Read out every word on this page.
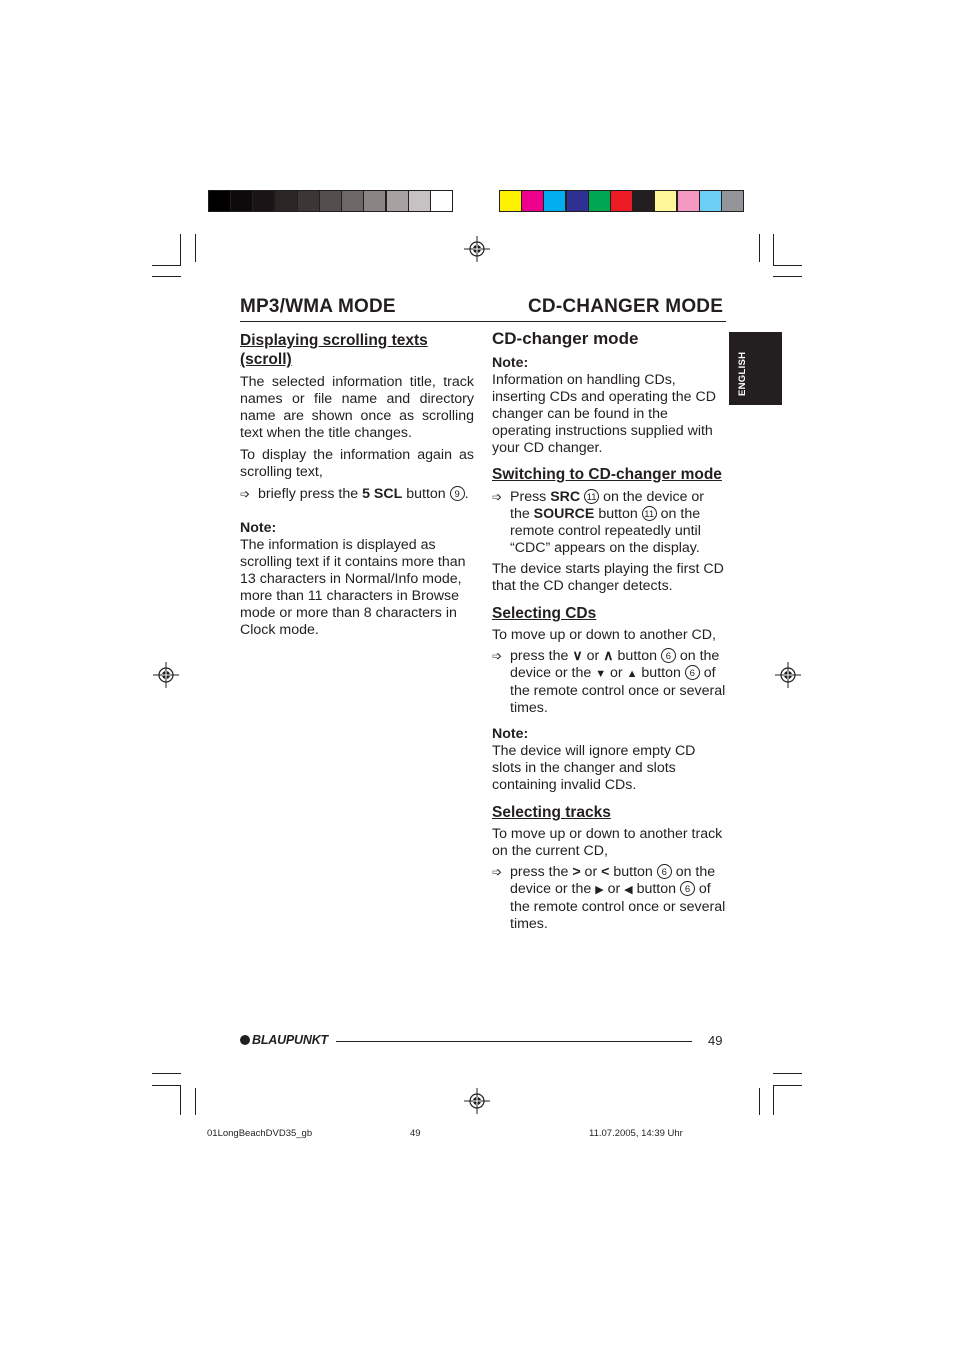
MP3/WMA MODE	CD-CHANGER MODE
ENGLISH

Displaying scrolling texts (scroll)

The selected information title, track names or file name and directory name are shown once as scrolling text when the title changes.

To display the information again as scrolling text,

➩ briefly press the 5 SCL button 9 .

Note:

The information is displayed as scrolling text if it contains more than 13 characters in Normal/Info mode, more than 11 characters in Browse mode or more than 8 characters in Clock mode.

CD-changer mode

Note:

Information on handling CDs, inserting CDs and operating the CD changer can be found in the operating instructions supplied with your CD changer.

Switching to CD-changer mode

➩ Press SRC 11 on the device or the SOURCE button 11 on the remote control repeatedly until “CDC” appears on the display.

The device starts playing the first CD that the CD changer detects.

Selecting CDs

To move up or down to another CD,

➩ press the ∨ or ∧ button 6 on the device or the ▼ or ▲ button 6 of the remote control once or several times.

Note:

The device will ignore empty CD slots in the changer and slots containing invalid CDs.

Selecting tracks

To move up or down to another track on the current CD,

➩ press the > or < button 6 on the device or the ▶ or ◀ button 6 of the remote control once or several times.

BLAUPUNKT	49
01LongBeachDVD35_gb	49	11.07.2005, 14:39 Uhr
